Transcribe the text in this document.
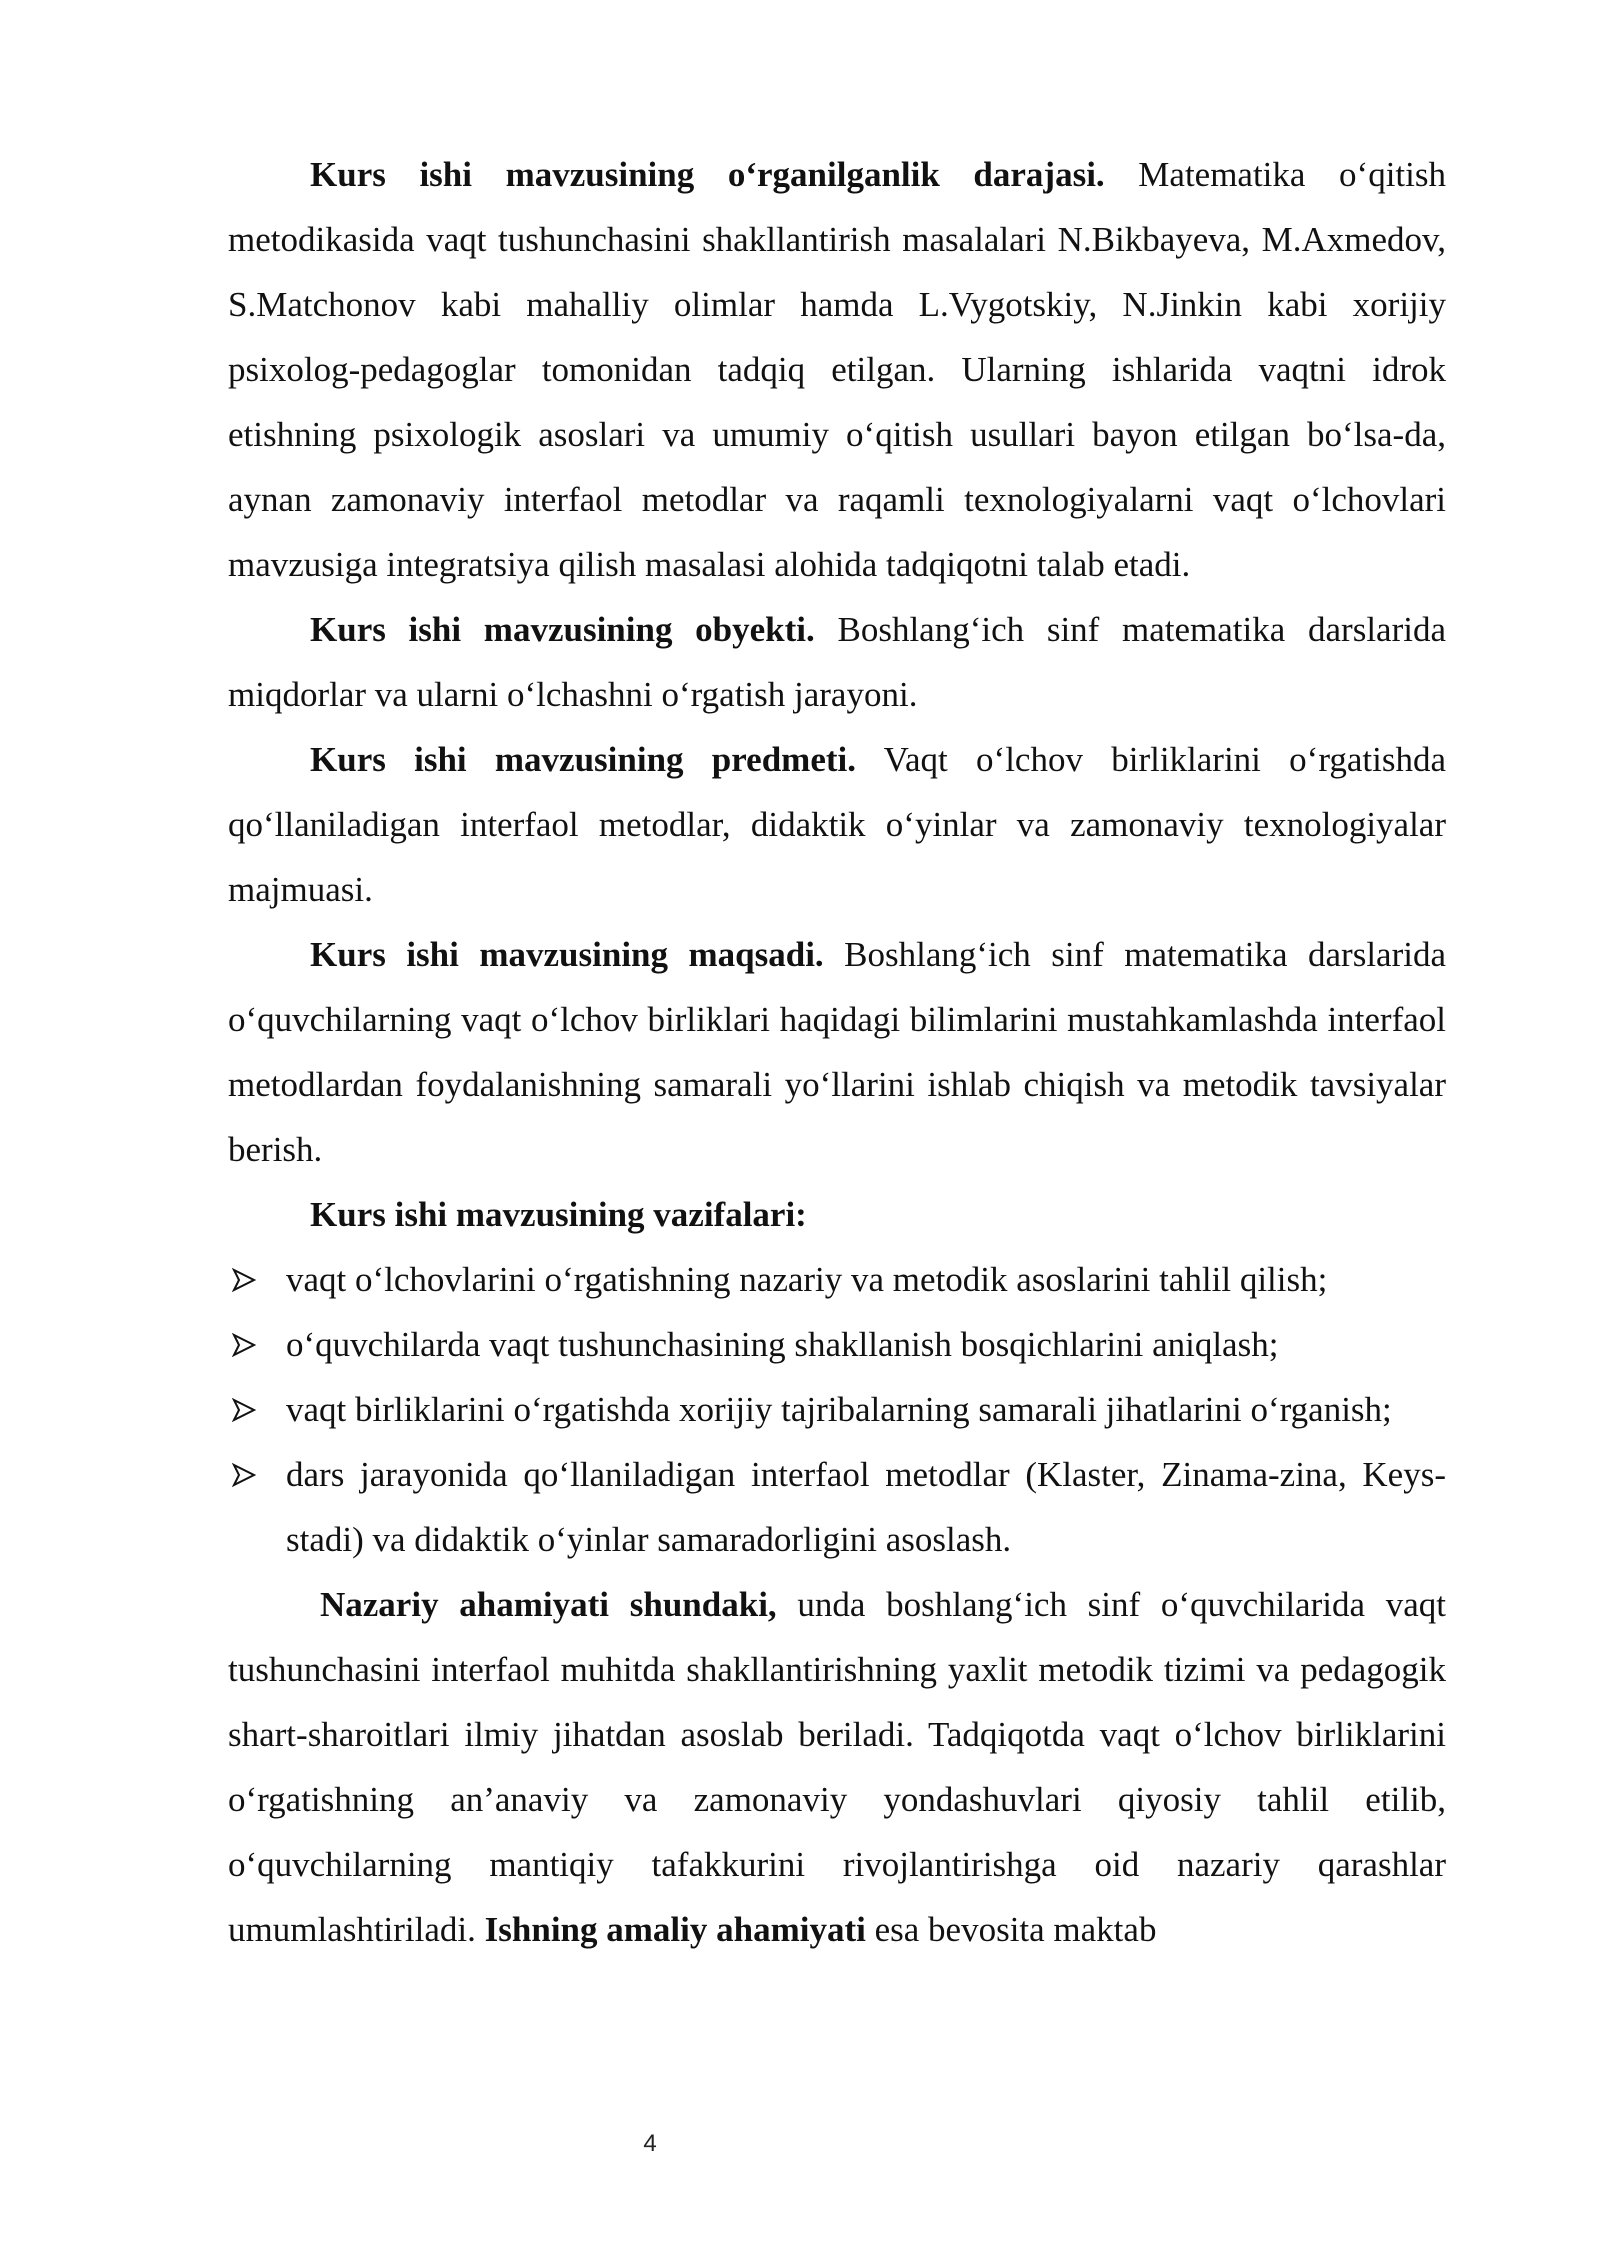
Kurs ishi mavzusining o‘rganilganlik darajasi. Matematika o‘qitish metodikasida vaqt tushunchasini shakllantirish masalalari N.Bikbayeva, M.Axmedov, S.Matchonov kabi mahalliy olimlar hamda L.Vygotskiy, N.Jinkin kabi xorijiy psixolog-pedagoglar tomonidan tadqiq etilgan. Ularning ishlarida vaqtni idrok etishning psixologik asoslari va umumiy o‘qitish usullari bayon etilgan bo‘lsa-da, aynan zamonaviy interfaol metodlar va raqamli texnologiyalarni vaqt o‘lchovlari mavzusiga integratsiya qilish masalasi alohida tadqiqotni talab etadi.

Kurs ishi mavzusining obyekti. Boshlang‘ich sinf matematika darslarida miqdorlar va ularni o‘lchashni o‘rgatish jarayoni.

Kurs ishi mavzusining predmeti. Vaqt o‘lchov birliklarini o‘rgatishda qo‘llaniladigan interfaol metodlar, didaktik o‘yinlar va zamonaviy texnologiyalar majmuasi.

Kurs ishi mavzusining maqsadi. Boshlang‘ich sinf matematika darslarida o‘quvchilarning vaqt o‘lchov birliklari haqidagi bilimlarini mustahkamlashda interfaol metodlardan foydalanishning samarali yo‘llarini ishlab chiqish va metodik tavsiyalar berish.

Kurs ishi mavzusining vazifalari:

vaqt o‘lchovlarini o‘rgatishning nazariy va metodik asoslarini tahlil qilish;
o‘quvchilarda vaqt tushunchasining shakllanish bosqichlarini aniqlash;
vaqt birliklarini o‘rgatishda xorijiy tajribalarning samarali jihatlarini o‘rganish;
dars jarayonida qo‘llaniladigan interfaol metodlar (Klaster, Zinama-zina, Keys-stadi) va didaktik o‘yinlar samaradorligini asoslash.

Nazariy ahamiyati shundaki, unda boshlang‘ich sinf o‘quvchilarida vaqt tushunchasini interfaol muhitda shakllantirishning yaxlit metodik tizimi va pedagogik shart-sharoitlari ilmiy jihatdan asoslab beriladi. Tadqiqotda vaqt o‘lchov birliklarini o‘rgatishning an’anaviy va zamonaviy yondashuvlari qiyosiy tahlil etilib, o‘quvchilarning mantiqiy tafakkurini rivojlantirishga oid nazariy qarashlar umumlashtiriladi. Ishning amaliy ahamiyati esa bevosita maktab

4
